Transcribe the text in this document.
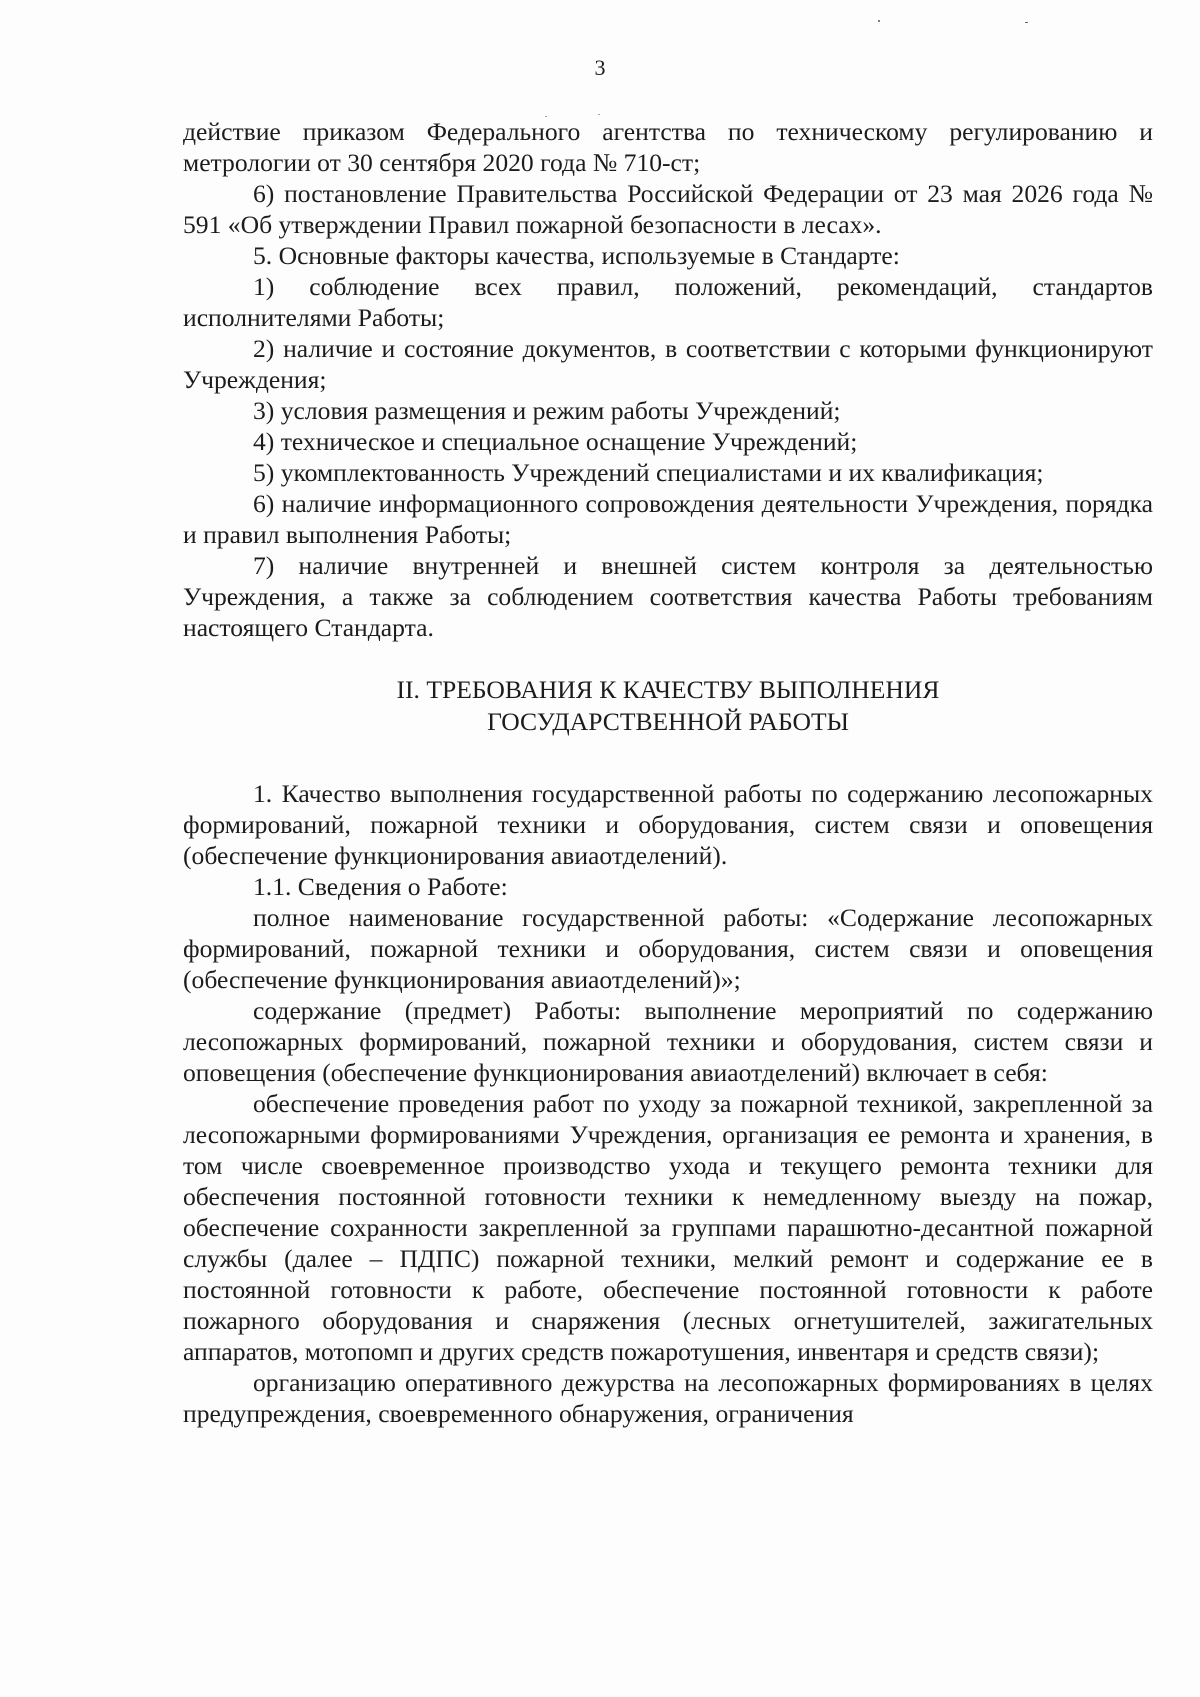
3

действие приказом Федерального агентства по техническому регулированию и метрологии от 30 сентября 2020 года № 710-ст;

6) постановление Правительства Российской Федерации от 23 мая 2026 года № 591 «Об утверждении Правил пожарной безопасности в лесах».

5. Основные факторы качества, используемые в Стандарте:

1) соблюдение всех правил, положений, рекомендаций, стандартов исполнителями Работы;

2) наличие и состояние документов, в соответствии с которыми функционируют Учреждения;

3) условия размещения и режим работы Учреждений;

4) техническое и специальное оснащение Учреждений;

5) укомплектованность Учреждений специалистами и их квалификация;

6) наличие информационного сопровождения деятельности Учреждения, порядка и правил выполнения Работы;

7) наличие внутренней и внешней систем контроля за деятельностью Учреждения, а также за соблюдением соответствия качества Работы требованиям настоящего Стандарта.

II. ТРЕБОВАНИЯ К КАЧЕСТВУ ВЫПОЛНЕНИЯ
ГОСУДАРСТВЕННОЙ РАБОТЫ

1. Качество выполнения государственной работы по содержанию лесопожарных формирований, пожарной техники и оборудования, систем связи и оповещения (обеспечение функционирования авиаотделений).

1.1. Сведения о Работе:

полное наименование государственной работы: «Содержание лесопожарных формирований, пожарной техники и оборудования, систем связи и оповещения (обеспечение функционирования авиаотделений)»;

содержание (предмет) Работы: выполнение мероприятий по содержанию лесопожарных формирований, пожарной техники и оборудования, систем связи и оповещения (обеспечение функционирования авиаотделений) включает в себя:

обеспечение проведения работ по уходу за пожарной техникой, закрепленной за лесопожарными формированиями Учреждения, организация ее ремонта и хранения, в том числе своевременное производство ухода и текущего ремонта техники для обеспечения постоянной готовности техники к немедленному выезду на пожар, обеспечение сохранности закрепленной за группами парашютно-десантной пожарной службы (далее – ПДПС) пожарной техники, мелкий ремонт и содержание ее в постоянной готовности к работе, обеспечение постоянной готовности к работе пожарного оборудования и снаряжения (лесных огнетушителей, зажигательных аппаратов, мотопомп и других средств пожаротушения, инвентаря и средств связи);

организацию оперативного дежурства на лесопожарных формированиях в целях предупреждения, своевременного обнаружения, ограничения
